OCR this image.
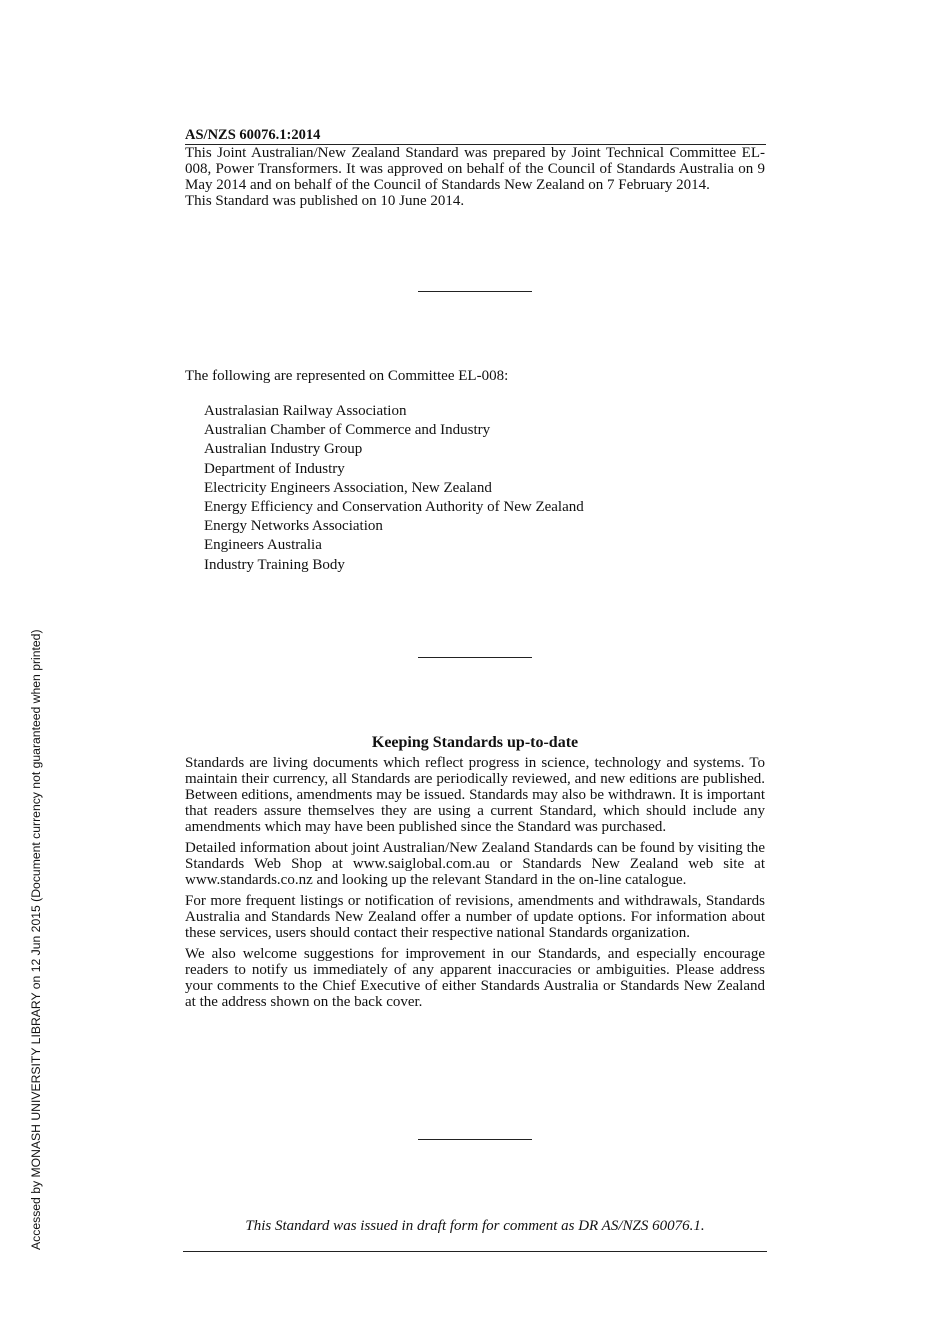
AS/NZS 60076.1:2014

This Joint Australian/New Zealand Standard was prepared by Joint Technical Committee EL-008, Power Transformers. It was approved on behalf of the Council of Standards Australia on 9 May 2014 and on behalf of the Council of Standards New Zealand on 7 February 2014.

This Standard was published on 10 June 2014.

The following are represented on Committee EL-008:
Australasian Railway Association
Australian Chamber of Commerce and Industry
Australian Industry Group
Department of Industry
Electricity Engineers Association, New Zealand
Energy Efficiency and Conservation Authority of New Zealand
Energy Networks Association
Engineers Australia
Industry Training Body
Keeping Standards up-to-date

Standards are living documents which reflect progress in science, technology and systems. To maintain their currency, all Standards are periodically reviewed, and new editions are published. Between editions, amendments may be issued. Standards may also be withdrawn. It is important that readers assure themselves they are using a current Standard, which should include any amendments which may have been published since the Standard was purchased.

Detailed information about joint Australian/New Zealand Standards can be found by visiting the Standards Web Shop at www.saiglobal.com.au or Standards New Zealand web site at www.standards.co.nz and looking up the relevant Standard in the on-line catalogue.

For more frequent listings or notification of revisions, amendments and withdrawals, Standards Australia and Standards New Zealand offer a number of update options. For information about these services, users should contact their respective national Standards organization.

We also welcome suggestions for improvement in our Standards, and especially encourage readers to notify us immediately of any apparent inaccuracies or ambiguities. Please address your comments to the Chief Executive of either Standards Australia or Standards New Zealand at the address shown on the back cover.

This Standard was issued in draft form for comment as DR AS/NZS 60076.1.
Accessed by MONASH UNIVERSITY LIBRARY on 12 Jun 2015 (Document currency not guaranteed when printed)
